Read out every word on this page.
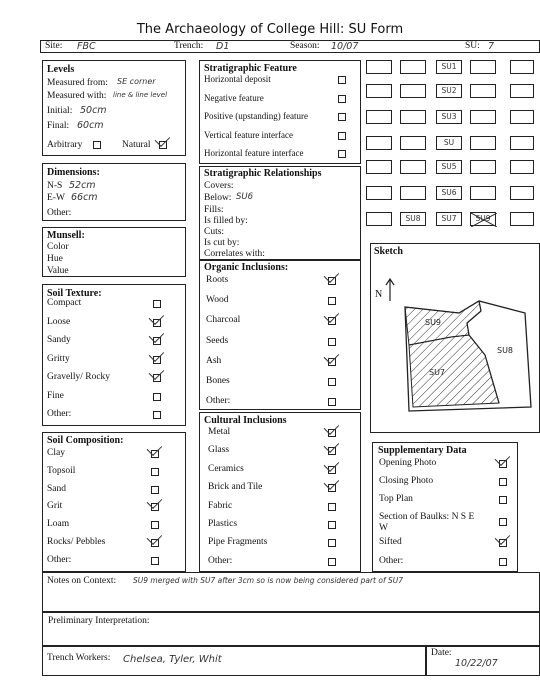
The Archaeology of College Hill: SU Form
Site: FBC	Trench: D1	Season: 10/07	SU: 7
Levels
Measured from: SE corner
Measured with: line & line level
Initial: 50cm
Final: 60cm
Arbitrary	Natural
Dimensions:
N-S 52cm
E-W 66cm
Other:
Munsell:
Color
Hue
Value
Soil Texture:
Compact
Loose
Sandy
Gritty
Gravelly/ Rocky
Fine
Other:
Soil Composition:
Clay
Topsoil
Sand
Grit
Loam
Rocks/ Pebbles
Other:
Stratigraphic Feature
Horizontal deposit
Negative feature
Positive (upstanding) feature
Vertical feature interface
Horizontal feature interface
Stratigraphic Relationships
Covers:
Below: SU6
Fills:
Is filled by:
Cuts:
Is cut by:
Correlates with:
Organic Inclusions:
Roots
Wood
Charcoal
Seeds
Ash
Bones
Other:
Cultural Inclusions
Metal
Glass
Ceramics
Brick and Tile
Fabric
Plastics
Pipe Fragments
Other:
SU1
SU2
SU3
SU
SU5
SU6
SU8	SU7	SU9
Sketch
N
SU9
SU8
SU7
Supplementary Data
Opening Photo
Closing Photo
Top Plan
Section of Baulks: N S E
W
Sifted
Other:
Notes on Context: SU9 merged with SU7 after 3cm so is now being considered part of SU7
Preliminary Interpretation:
Trench Workers: Chelsea, Tyler, Whit
Date:
10/22/07
